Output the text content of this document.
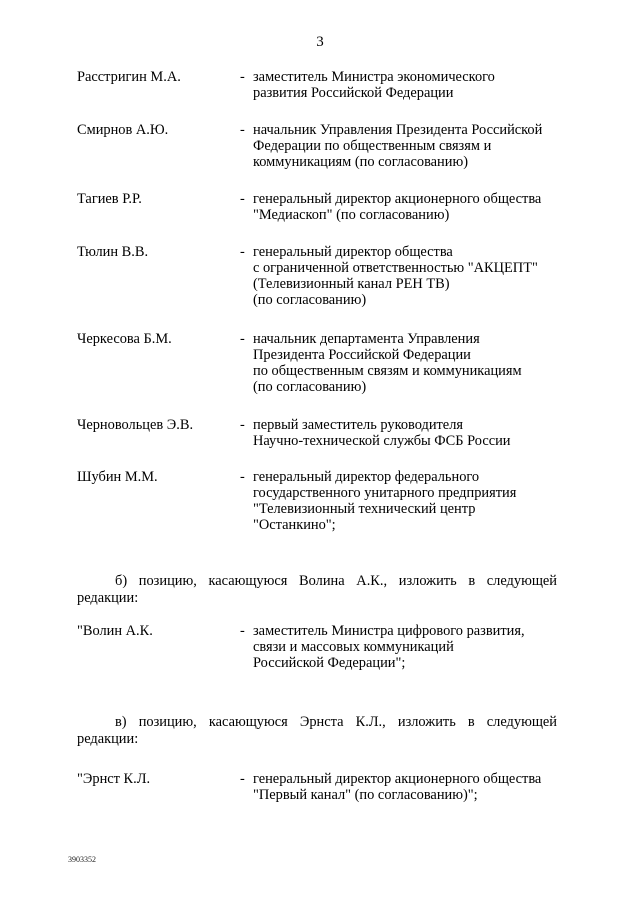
3
Расстригин М.А.	- заместитель Министра экономического
развития Российской Федерации
Смирнов А.Ю.	- начальник Управления Президента Российской
Федерации по общественным связям и
коммуникациям (по согласованию)
Тагиев Р.Р.	- генеральный директор акционерного общества
"Медиаскоп" (по согласованию)
Тюлин В.В.	- генеральный директор общества
с ограниченной ответственностью "АКЦЕПТ"
(Телевизионный канал РЕН ТВ)
(по согласованию)
Черкесова Б.М.	- начальник департамента Управления
Президента Российской Федерации
по общественным связям и коммуникациям
(по согласованию)
Черновольцев Э.В.	- первый заместитель руководителя
Научно-технической службы ФСБ России
Шубин М.М.	- генеральный директор федерального
государственного унитарного предприятия
"Телевизионный технический центр
"Останкино";
б) позицию, касающуюся Волина А.К., изложить в следующей
редакции:
"Волин А.К.	- заместитель Министра цифрового развития,
связи и массовых коммуникаций
Российской Федерации";
в) позицию, касающуюся Эрнста К.Л., изложить в следующей
редакции:
"Эрнст К.Л.	- генеральный директор акционерного общества
"Первый канал" (по согласованию)";
3903352
